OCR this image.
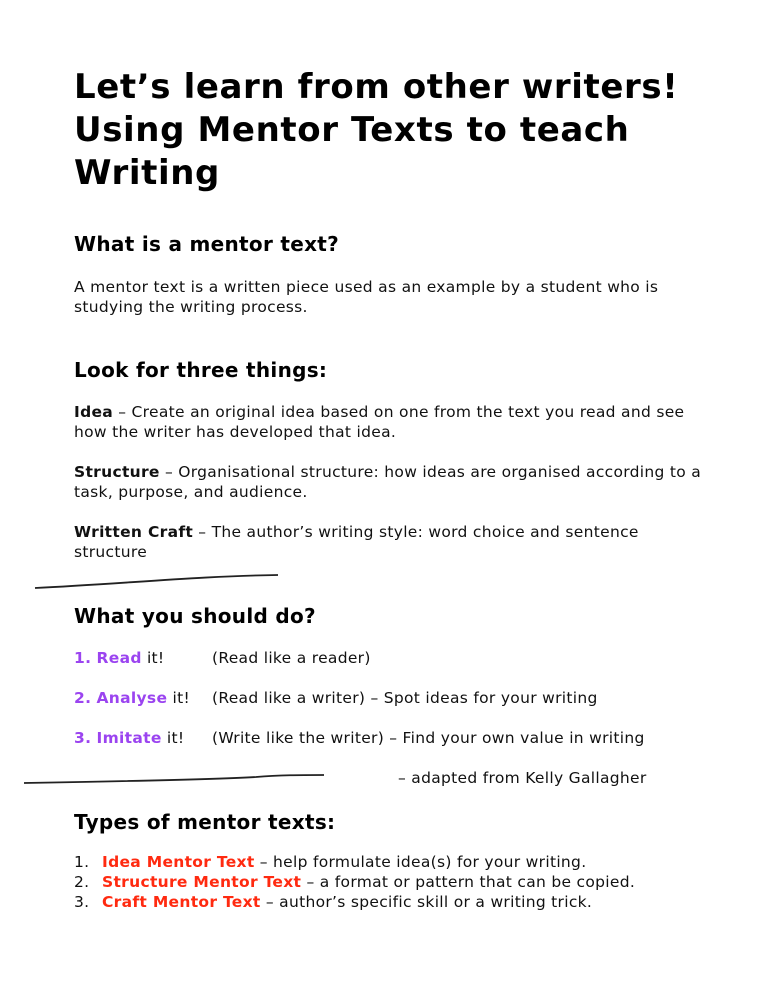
Let’s learn from other writers! Using Mentor Texts to teach Writing
What is a mentor text?

A mentor text is a written piece used as an example by a student who is studying the writing process.

Look for three things:

Idea – Create an original idea based on one from the text you read and see how the writer has developed that idea.

Structure – Organisational structure: how ideas are organised according to a task, purpose, and audience.

Written Craft – The author’s writing style: word choice and sentence structure

What you should do?
1. Read it!	(Read like a reader)
2. Analyse it!	(Read like a writer) – Spot ideas for your writing
3. Imitate it!	(Write like the writer) – Find your own value in writing

– adapted from Kelly Gallagher

Types of mentor texts:
1. Idea Mentor Text – help formulate idea(s) for your writing.
2. Structure Mentor Text – a format or pattern that can be copied.
3. Craft Mentor Text – author’s specific skill or a writing trick.
